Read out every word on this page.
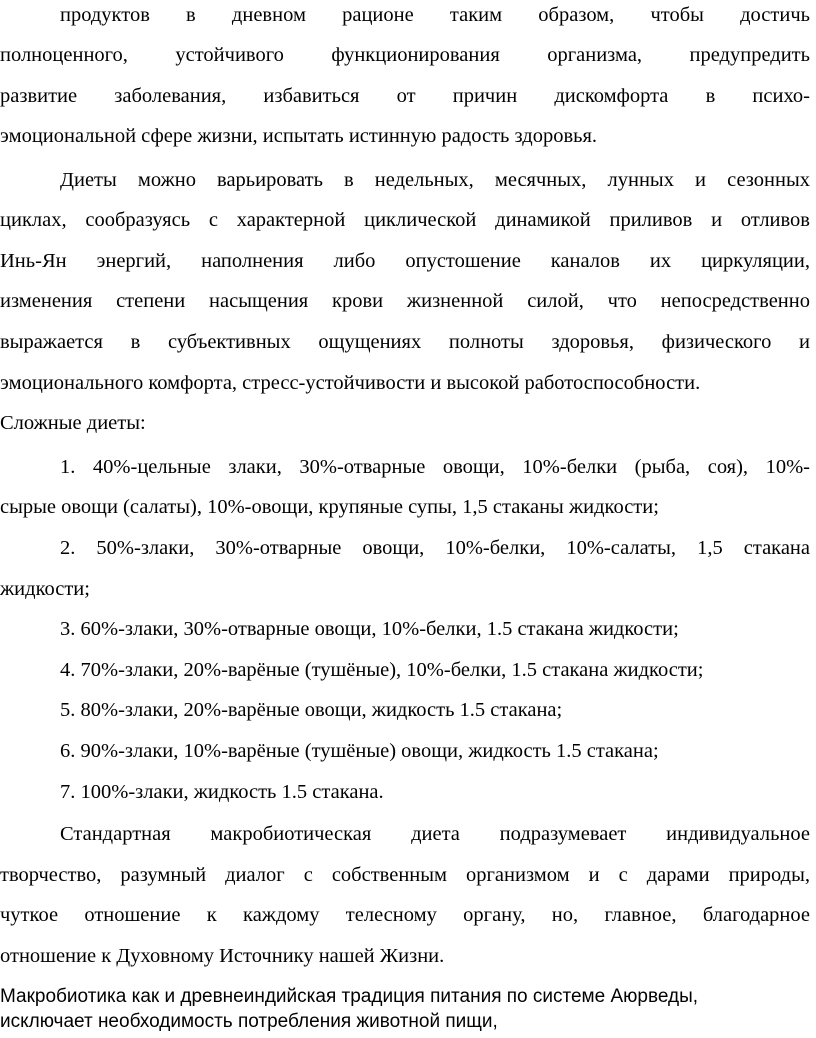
продуктов в дневном рационе таким образом, чтобы достичь
полноценного, устойчивого функционирования организма, предупредить
развитие заболевания, избавиться от причин дискомфорта в психо-
эмоциональной сфере жизни, испытать истинную радость здоровья.
Диеты можно варьировать в недельных, месячных, лунных и сезонных
циклах, сообразуясь с характерной циклической динамикой приливов и отливов
Инь-Ян энергий, наполнения либо опустошение каналов их циркуляции,
изменения степени насыщения крови жизненной силой, что непосредственно
выражается в субъективных ощущениях полноты здоровья, физического и
эмоционального комфорта, стресс-устойчивости и высокой работоспособности.
Сложные диеты:
1. 40%-цельные злаки, 30%-отварные овощи, 10%-белки (рыба, соя), 10%-
сырые овощи (салаты), 10%-овощи, крупяные супы, 1,5 стаканы жидкости;
2. 50%-злаки, 30%-отварные овощи, 10%-белки, 10%-салаты, 1,5 стакана
жидкости;
3. 60%-злаки, 30%-отварные овощи, 10%-белки, 1.5 стакана жидкости;
4. 70%-злаки, 20%-варёные (тушёные), 10%-белки, 1.5 стакана жидкости;
5. 80%-злаки, 20%-варёные овощи, жидкость 1.5 стакана;
6. 90%-злаки, 10%-варёные (тушёные) овощи, жидкость 1.5 стакана;
7. 100%-злаки, жидкость 1.5 стакана.
Стандартная макробиотическая диета подразумевает индивидуальное
творчество, разумный диалог с собственным организмом и с дарами природы,
чуткое отношение к каждому телесному органу, но, главное, благодарное
отношение к Духовному Источнику нашей Жизни.
Макробиотика как и древнеиндийская традиция питания по системе Аюрведы,
исключает необходимость потребления животной пищи,
